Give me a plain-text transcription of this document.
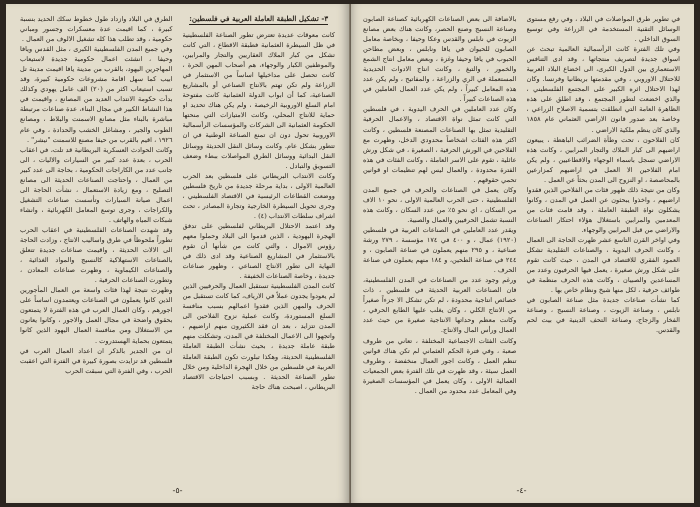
٣- تشكيل الطبقة العاملة العربية في فلسطين:

كانت معوقات عديدة تعترض تطور الصناعة الفلسطينية في ظل السيطرة العثمانية فطبقة الاقطاع ، التي كانت تشكل من كبار الملاك العقاريين والتجار والمرابين، والموظفين الكبار والوجهاء، هم أصحاب المهن الحرة ، كانت تحصل على مداخيلها اساساً من الاستثمار في الزراعة ولم تكن تهتم بالانتاج الصناعي أو بالمشاريع الصناعية، كما أن ابواب الدولة العثمانية كانت مفتوحة امام السلع الاوروبية الرخيصة ، ولم يكن هناك تحديد او حماية للانتاج المحلي، وكانت الامتيازات التي منحتها الحكومة العثمانية الى الشركات والمؤسسات الرأسمالية الاوروبية تحول دون ان تمنع الصناعة الوطنية في ان تتطور بشكل عام. وكانت وسائل النقل الحديثة ووسائل النقل البدائية ووسائل الطرق المواصلات ببطء وضعف التسويق والتبادل .

وكانت الانتداب البريطاني على فلسطين بعد الحرب العالمية الاولى ، بداية مرحلة جديدة من تاريخ فلسطين ووضعت القطاعات الرئيسية في الاقتصاد الفلسطيني ، وجرى تحويل السيطرة الخارجية وتجارة المصادر ، تحت اشراف سلطات الانتداب (٤) .

وقد اعتمد الاحتلال البريطاني لفلسطين على تدفق الهجرة اليهودية ، الذين قدموا الى البلاد وحملوا معهم رؤوس الاموال ، والتي كانت من شأنها أن تقوم بالاستثمار في المشاريع الصناعية وقد ادى ذلك في النهاية الى تطور الانتاج الصناعي ، وظهور صناعات جديدة ، وخاصة الصناعات الخفيفة .

كانت المدن الفلسطينية تستقبل العمال والحرفيين الذين لم يعودوا يجدون عملاً في الارياف، كما كانت تستقبل من الحرف والمهن الذين فقدوا اعمالهم بسبب منافسة السلع المستوردة، وكانت عملية نزوح الفلاحين الى المدن تتزايد ، بعد ان فقد الكثيرون منهم اراضيهم ، واتجهوا الى الاعمال المختلفة في المدن، وتشكلت منهم طبقة عاملة جديدة ، بحيث نشأت الطبقة العاملة الفلسطينية الحديثة، وهكذا تبلورت تكون الطبقة العاملة العربية في فلسطين من خلال الهجرة الداخلية ومن خلال تطور الصناعة الحديثة . وبسبب احتياجات الاقتصاد البريطاني ، اصبحت هناك حاجة

الطرق في البلاد وازداد طول خطوط سكك الحديد بنسبة كبيرة ، كما اقيمت عدة معسكرات وجسور ومباني حكومية ، وقد تطلب هذا كله تشغيل الالوف من العمال .

وفي جميع المدن الفلسطينية الكبرى ، مثل القدس ويافا وحيفا ، انشئت اعمال حكومية جديدة لاستيعاب المهاجرين اليهود، بالقرب من مدينة يافا اقيمت مدينة تل ابيب كما سهل اقامة مشروعات حكومية كبيرة، وقد تسبب استيعاب اكثر من (٢٠) الف عامل يهودي وكذلك بدأت حكومة الانتداب العديد من المصانع ، واقيمت في هذا النشاط الكبير في مجال البناء، عدة صناعات مرتبطة مباشرة بالبناء مثل مصانع الاسمنت والبلاط ، ومصانع الطوب والجير ، ومشاغل الخشب والحدادة ، وفي عام ١٩٢٦ ، اقيم بالقرب من حيفا مصنع للاسمنت "نيشر" .

وكانت الحوادث العسكرية البريطانية قد تلت، في اعقاب الحرب ، بعدة عدد كبير من السيارات والاليات ، الى جانب عدد من الكاراجات الحكومية ، بحاجة الى عدد كبير من العمال ، واحتاجت الصناعات الحديثة الى مصانع التصليح ، ومع زيادة الاستعمال ، نشأت الحاجة الى اعمال صيانة السيارات وتأسست صناعات التشغيل والكراجات ، وجرى توسع المعامل الكهربائية ، وانشاء شبكات المياه والهاتف .

وقد شهدت الصناعات الفلسطينية في اعقاب الحرب تطوراً ملحوظاً في طرق واساليب الانتاج ، وزادت الحاجة الى الالات الحديثة ، واقيمت صناعات جديدة تتعلق بالصناعات الاستهلاكية كالنسيج والمواد الغذائية ، والصناعات الكيماوية ، وظهرت صناعات المعادن ، وتطورت الصناعات الحرفية .

وظهرت نتيجة لهذا فئات واسعة من العمال المأجورين الذين كانوا يعملون في الصناعات ويعتمدون اساساً على اجورهم ، وكان العمال العرب في هذه الفترة لا يتمتعون بحقوق واضحة في مجال العمل والاجور ، وكانوا يعانون من الاستغلال ومن منافسة العمال اليهود الذين كانوا يتمتعون بحماية الهستدروت .

ان من الجدير بالذكر ان اعداد العمال العرب في فلسطين قد تزايدت بصورة كبيرة في الفترة التي اعقبت الحرب ، وفي الفترة التي سبقت الحرب

-٥-

في تطوير طرق المواصلات في البلاد ، وفي رفع مستوى الوسائل التقنية المستخدمة في الزراعة وفي توسيع السوق الداخلي .

وفي تلك الفترة كانت الرأسمالية العالمية تبحث عن اسواق جديدة لتصريف منتجاتها ، وقد ادى التنافس الاستعماري بين الدول الكبرى، الى اخضاع البلاد العربية للاحتلال الاوروبي ، وفي مقدمتها بريطانيا وفرنسا. وكان لهذا الاحتلال اثره الكبير على المجتمع الفلسطيني ، والذي اخضعت لتطور المجتمع ، وقد اطلق على هذه الظاهرة العامة التي انطلقت بتسمية الاصلاح الزراعي ، وخاصة بعد صدور قانون الاراضي العثماني عام ١٨٥٨ والذي كان ينظم ملكية الاراضي .

كان الفلاحون ، تحت وطأة الضرائب الباهظة ، يبيعون اراضيهم الى كبار الملاك والتجار المرابين ، وكانت هذه الاراضي تسجل باسماء الوجهاء والاقطاعيين ، ولم يكن امام الفلاحين الا العمل في اراضيهم كمزارعين بالمحاصصة ، او النزوح الى المدن بحثاً عن العمل .

وكان من نتيجة ذلك ظهور فئات من الفلاحين الذين فقدوا اراضيهم ، واخذوا يبحثون عن العمل في المدن ، وكانوا يشكلون نواة الطبقة العاملة ، وقد قامت فئات من المعدمين والمرابين باستغلال هؤلاء احتكار الصناعات والاراضي من قبل المرابين والوجهاء.

وفي اواخر القرن التاسع عشر ظهرت الحاجة الى العمال ، وكانت الحرف اليدوية ، والصناعات التقليدية تشكل العمود الفقري للاقتصاد في المدن ، حيث كانت تقوم على شكل ورش صغيرة ، يعمل فيها الحرفيون وعدد من المساعدين والصبيان ، وكانت هذه الحرف منظمة في طوائف حرفية ، لكل منها شيخ ونظام خاص بها .

كما نشأت صناعات جديدة مثل صناعة الصابون في نابلس ، وصناعة الزيوت ، وصناعة النسيج ، وصناعة الفخار والزجاج، وصناعة التحف الدينية في بيت لحم والقدس.

بالاضافة الى بعض الصناعات الكهربائية كصناعة الصابون وصناعة النسيج وصنع الحصر، وكانت هناك بعض مصانع الزيوت في نابلس والقدس وعكا وحيفا ، وبخاصة معامل الصابون للحيوان في يافا ونابلس ، وبعض مطاحن الحبوب في يافا وحيفا وغزة ، وبعض معامل انتاج الشمع والخمور ، والتبغ ، وكانت انتاج الادوات الحديدية المستعملة في الري والزراعة ، والمفاتيح ، ولم يكن عدد هذه المعامل كبيراً ، ولم يكن عدد العمال العاملين في هذه الصناعات كبيراً .

وكان عدد العاملين في الحرف اليدوية ، في فلسطين التي كانت تمثل نواة الاقتصاد ، والاعمال الحرفية التقليدية تمثل بها الصناعات المصنعة فلسطين ، وكانت اكثر هذه الفئات اشخاصاً محدودي الدخل، وظهرت مع الفلاحين في الورش الحرفية ، الصغيرة ، في شكل ورش عائلية ، تقوم على الاسر العاملة ، وكانت الفئات في هذه الفترة محدودة ، والعمال ليس لهم تنظيمات او قوانين تحمي حقوقهم .

وكان يعمل في الصناعات والحرف في جميع المدن الفلسطينية ، حتى الحرب العالمية الاولى ، نحو ١٠ الاف من السكان ، اي نحو ٥٪ من عدد السكان ، وكانت هذه النسبة تشمل الحرفيين والعمال والصبية.

ويقدر عدد العاملين في الصناعات العربية في فلسطين (١٩٢٠) عمال ، و ٤٠٠ في ١٧٤ مؤسسة ، ٢٧٩ ورشة صناعية ، و ٢٩٥ منهم يعملون في صناعة الصابون ، و ٢٤٤ في صناعة الطحين، و ١٨٤ منهم يعملون في صناعة الحرف .

ورغم وجود عدد من الصناعات في المدن الفلسطينية، فان الصناعات العربية الحديثة في فلسطين ، ذات خصائص انتاجية محدودة ، لم تكن تشكل الا جزءاً صغيراً من الانتاج الكلي ، وكان يغلب عليها الطابع الحرفي ، وكانت معظم وحداتها الانتاجية صغيرة من حيث عدد العمال ورأس المال والانتاج.

وكانت الفئات الاجتماعية المختلفة ، تعاني من ظروف صعبة ، وفي فترة الحكم العثماني لم تكن هناك قوانين تنظم العمل ، وكانت اجور العمال منخفضة ، وظروف العمل سيئة ، وقد ظهرت في تلك الفترة بعض الجمعيات العمالية الاولى ، وكان يعمل في المؤسسات الصغيرة وفي المعامل عدد محدود من العمال .

-٤-
